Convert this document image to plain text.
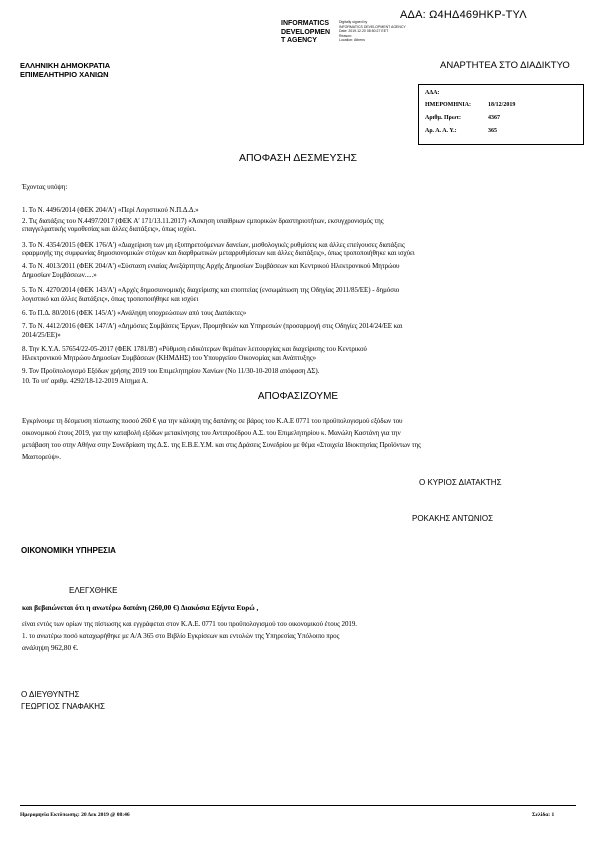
ΑΔΑ: Ω4ΗΔ469ΗΚΡ-ΤΥΛ
INFORMATICS
DEVELOPMEN
T AGENCY
Digitally signed by
INFORMATICS DEVELOPMENT AGENCY
Date: 2019.12.20 08:50:27 EET
Reason:
Location: Athens
ΕΛΛΗΝΙΚΗ ΔΗΜΟΚΡΑΤΙΑ
ΕΠΙΜΕΛΗΤΗΡΙΟ ΧΑΝΙΩΝ
ΑΝΑΡΤΗΤΕΑ ΣΤΟ ΔΙΑΔΙΚΤΥΟ
ΑΔΑ:
ΗΜΕΡΟΜΗΝΙΑ:	18/12/2019
Αριθμ. Πρωτ:	4367
Αρ. Α. Α. Υ.:	365
ΑΠΟΦΑΣΗ ΔΕΣΜΕΥΣΗΣ
Έχοντας υπόψη:
1. Το Ν. 4496/2014 (ΦΕΚ 204/Α') «Περί Λογιστικού Ν.Π.Δ.Δ.»
2. Τις διατάξεις του Ν.4497/2017 (ΦΕΚ Α' 171/13.11.2017) «Άσκηση υπαίθριων εμπορικών δραστηριοτήτων, εκσυγχρονισμός της
επαγγελματικής νομοθεσίας και άλλες διατάξεις», όπως ισχύει.
3. Το Ν. 4354/2015 (ΦΕΚ 176/Α') «Διαχείριση των μη εξυπηρετούμενων δανείων, μισθολογικές ρυθμίσεις και άλλες επείγουσες διατάξεις
εφαρμογής της συμφωνίας δημοσιονομικών στόχων και διαρθρωτικών μεταρρυθμίσεων και άλλες διατάξεις», όπως τροποποιήθηκε και ισχύει
4. Το Ν. 4013/2011 (ΦΕΚ 204/Α') «Σύσταση ενιαίας Ανεξάρτητης Αρχής Δημοσίων Συμβάσεων και Κεντρικού Ηλεκτρονικού Μητρώου
Δημοσίων Συμβάσεων.....»
5. Το Ν. 4270/2014 (ΦΕΚ 143/Α') «Αρχές δημοσιονομικής διαχείρισης και εποπτείας (ενσωμάτωση της Οδηγίας 2011/85/ΕΕ) - δημόσιο
λογιστικό και άλλες διατάξεις», όπως τροποποιήθηκε και ισχύει
6. Το Π.Δ. 80/2016 (ΦΕΚ 145/Α') «Ανάληψη υποχρεώσεων από τους Διατάκτες»
7. Το Ν. 4412/2016 (ΦΕΚ 147/Α') «Δημόσιες Συμβάσεις Έργων, Προμηθειών και Υπηρεσιών (προσαρμογή στις Οδηγίες 2014/24/ΕΕ και
2014/25/ΕΕ)»
8. Την Κ.Υ.Α. 57654/22-05-2017 (ΦΕΚ 1781/Β') «Ρύθμιση ειδικότερων θεμάτων λειτουργίας και διαχείρισης του Κεντρικού
Ηλεκτρονικού Μητρώου Δημοσίων Συμβάσεων (ΚΗΜΔΗΣ) του Υπουργείου Οικονομίας και Ανάπτυξης»
9. Τον Προϋπολογισμό Εξόδων χρήσης 2019 του Επιμελητηρίου Χανίων (Νο 11/30-10-2018 απόφαση ΔΣ).
10. Το υπ' αριθμ. 4292/18-12-2019 Αίτημα Α.
ΑΠΟΦΑΣΙΖΟΥΜΕ
Εγκρίνουμε τη δέσμευση πίστωσης ποσού 260 € για την κάλυψη της δαπάνης σε βάρος του Κ.Α.Ε 0771 του προϋπολογισμού εξόδων του
οικονομικού έτους 2019, για την καταβολή εξόδων μετακίνησης του Αντιπροέδρου Α.Σ. του Επιμελητηρίου κ. Μανώλη Καστάνη για την
μετάβαση του στην Αθήνα στην Συνεδρίαση της Δ.Σ. της Ε.Β.Ε.Υ.Μ. και στις Δράσεις Συνεδρίου με θέμα «Στοιχεία Ιδιοκτησίας Προϊόντων της
Μαστορεύψ».
Ο ΚΥΡΙΟΣ ΔΙΑΤΑΚΤΗΣ
ΡΟΚΑΚΗΣ ΑΝΤΩΝΙΟΣ
ΟΙΚΟΝΟΜΙΚΗ ΥΠΗΡΕΣΙΑ
ΕΛΕΓΧΘΗΚΕ
και βεβαιώνεται ότι η ανωτέρω δαπάνη (260,00 €) Διακόσια Εξήντα Ευρώ ,
είναι εντός των ορίων της πίστωσης και εγγράφεται στον Κ.Α.Ε. 0771 του προϋπολογισμού του οικονομικού έτους 2019.
1. το ανωτέρω ποσό καταχωρήθηκε με Α/Α 365 στο Βιβλίο Εγκρίσεων και εντολών της Υπηρεσίας Υπόλοιπο προς
ανάληψη 962,80 €.
Ο ΔΙΕΥΘΥΝΤΗΣ
ΓΕΩΡΓΙΟΣ ΓΝΑΦΑΚΗΣ
Ημερομηνία Εκτύπωσης: 20 Δεκ 2019 @ 08:46	Σελίδα: 1
